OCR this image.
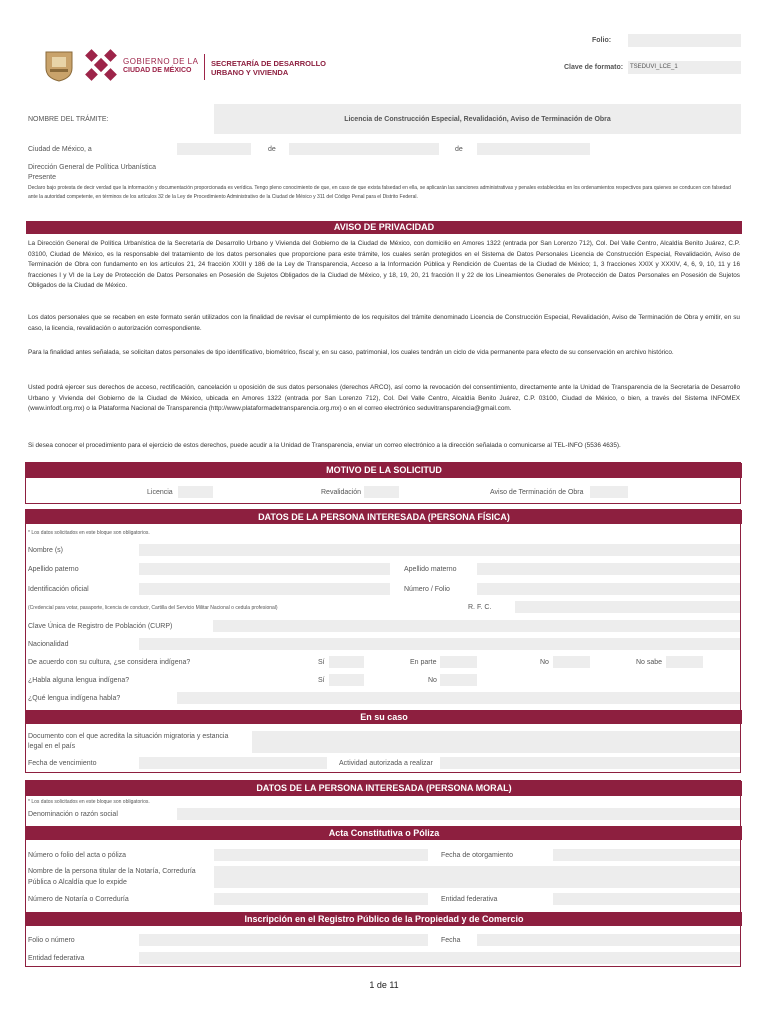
GOBIERNO DE LA
CIUDAD DE MÉXICO
SECRETARÍA DE DESARROLLO
URBANO Y VIVIENDA
Folio:
Clave de formato: TSEDUVI_LCE_1
NOMBRE DEL TRÁMITE:	Licencia de Construcción Especial, Revalidación, Aviso de Terminación de Obra
Ciudad de México, a	de	de
Dirección General de Política Urbanística
Presente
Declaro bajo protesta de decir verdad que la información y documentación proporcionada es verídica. Tengo pleno conocimiento de que, en caso de que exista falsedad en ella, se aplicarán las sanciones administrativas y penales establecidas en los ordenamientos respectivos para quienes se conducen con falsedad ante la autoridad competente, en términos de los artículos 32 de la Ley de Procedimiento Administrativo de la Ciudad de México y 311 del Código Penal para el Distrito Federal.
AVISO DE PRIVACIDAD
La Dirección General de Política Urbanística de la Secretaría de Desarrollo Urbano y Vivienda del Gobierno de la Ciudad de México, con domicilio en Amores 1322 (entrada por San Lorenzo 712), Col. Del Valle Centro, Alcaldía Benito Juárez, C.P. 03100, Ciudad de México, es la responsable del tratamiento de los datos personales que proporcione para este trámite, los cuales serán protegidos en el Sistema de Datos Personales Licencia de Construcción Especial, Revalidación, Aviso de Terminación de Obra con fundamento en los artículos 21, 24 fracción XXIII y 186 de la Ley de Transparencia, Acceso a la Información Pública y Rendición de Cuentas de la Ciudad de México; 1, 3 fracciones XXIX y XXXIV, 4, 6, 9, 10, 11 y 16 fracciones I y VI de la Ley de Protección de Datos Personales en Posesión de Sujetos Obligados de la Ciudad de México, y 18, 19, 20, 21 fracción II y 22 de los Lineamientos Generales de Protección de Datos Personales en Posesión de Sujetos Obligados de la Ciudad de México.
Los datos personales que se recaben en este formato serán utilizados con la finalidad de revisar el cumplimiento de los requisitos del trámite denominado Licencia de Construcción Especial, Revalidación, Aviso de Terminación de Obra y emitir, en su caso, la licencia, revalidación o autorización correspondiente.
Para la finalidad antes señalada, se solicitan datos personales de tipo identificativo, biométrico, fiscal y, en su caso, patrimonial, los cuales tendrán un ciclo de vida permanente para efecto de su conservación en archivo histórico.
Usted podrá ejercer sus derechos de acceso, rectificación, cancelación u oposición de sus datos personales (derechos ARCO), así como la revocación del consentimiento, directamente ante la Unidad de Transparencia de la Secretaría de Desarrollo Urbano y Vivienda del Gobierno de la Ciudad de México, ubicada en Amores 1322 (entrada por San Lorenzo 712), Col. Del Valle Centro, Alcaldía Benito Juárez, C.P. 03100, Ciudad de México, o bien, a través del Sistema INFOMEX (www.infodf.org.mx) o la Plataforma Nacional de Transparencia (http://www.plataformadetransparencia.org.mx) o en el correo electrónico seduvitransparencia@gmail.com.
Si desea conocer el procedimiento para el ejercicio de estos derechos, puede acudir a la Unidad de Transparencia, enviar un correo electrónico a la dirección señalada o comunicarse al TEL-INFO (5536 4635).
MOTIVO DE LA SOLICITUD
Licencia	Revalidación	Aviso de Terminación de Obra
DATOS DE LA PERSONA INTERESADA (PERSONA FÍSICA)
* Los datos solicitados en este bloque son obligatorios.
Nombre (s)
Apellido paterno	Apellido materno
Identificación oficial	Número / Folio
(Credencial para votar, pasaporte, licencia de conducir, Cartilla del Servicio Militar Nacional o cedula profesional)	R. F. C.
Clave Única de Registro de Población (CURP)
Nacionalidad
De acuerdo con su cultura, ¿se considera indígena?	Sí	En parte	No	No sabe
¿Habla alguna lengua indígena?	Sí	No
¿Qué lengua indígena habla?
En su caso
Documento con el que acredita la situación migratoria y estancia
legal en el país
Fecha de vencimiento	Actividad autorizada a realizar
DATOS DE LA PERSONA INTERESADA (PERSONA MORAL)
* Los datos solicitados en este bloque son obligatorios.
Denominación o razón social
Acta Constitutiva o Póliza
Número o folio del acta o póliza	Fecha de otorgamiento
Nombre de la persona titular de la Notaría, Correduría
Pública o Alcaldía que lo expide
Número de Notaría o Correduría	Entidad federativa
Inscripción en el Registro Público de la Propiedad y de Comercio
Folio o número	Fecha
Entidad federativa
1 de 11
